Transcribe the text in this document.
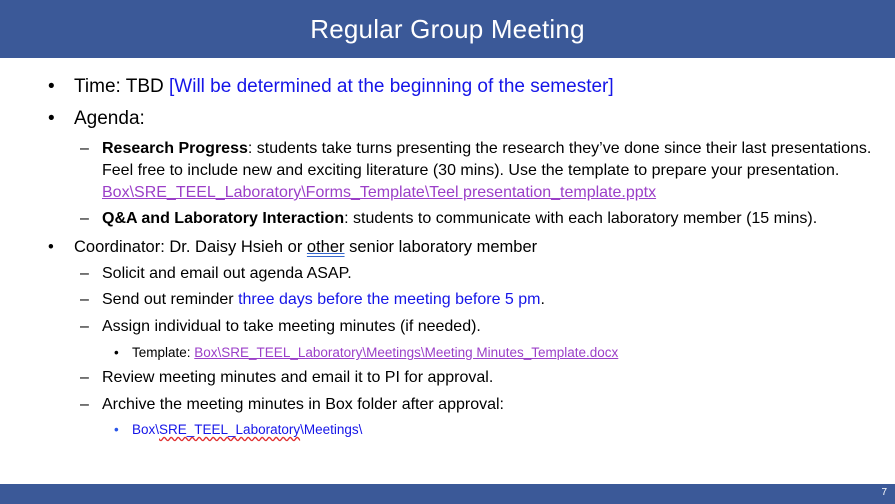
Regular Group Meeting
• Time: TBD [Will be determined at the beginning of the semester]
• Agenda:
– Research Progress: students take turns presenting the research they’ve done since their last presentations. Feel free to include new and exciting literature (30 mins). Use the template to prepare your presentation. Box\SRE_TEEL_Laboratory\Forms_Template\Teel presentation_template.pptx
– Q&A and Laboratory Interaction: students to communicate with each laboratory member (15 mins).
• Coordinator: Dr. Daisy Hsieh or other senior laboratory member
– Solicit and email out agenda ASAP.
– Send out reminder three days before the meeting before 5 pm.
– Assign individual to take meeting minutes (if needed).
• Template: Box\SRE_TEEL_Laboratory\Meetings\Meeting Minutes_Template.docx
– Review meeting minutes and email it to PI for approval.
– Archive the meeting minutes in Box folder after approval:
• Box\SRE_TEEL_Laboratory\Meetings\
7
